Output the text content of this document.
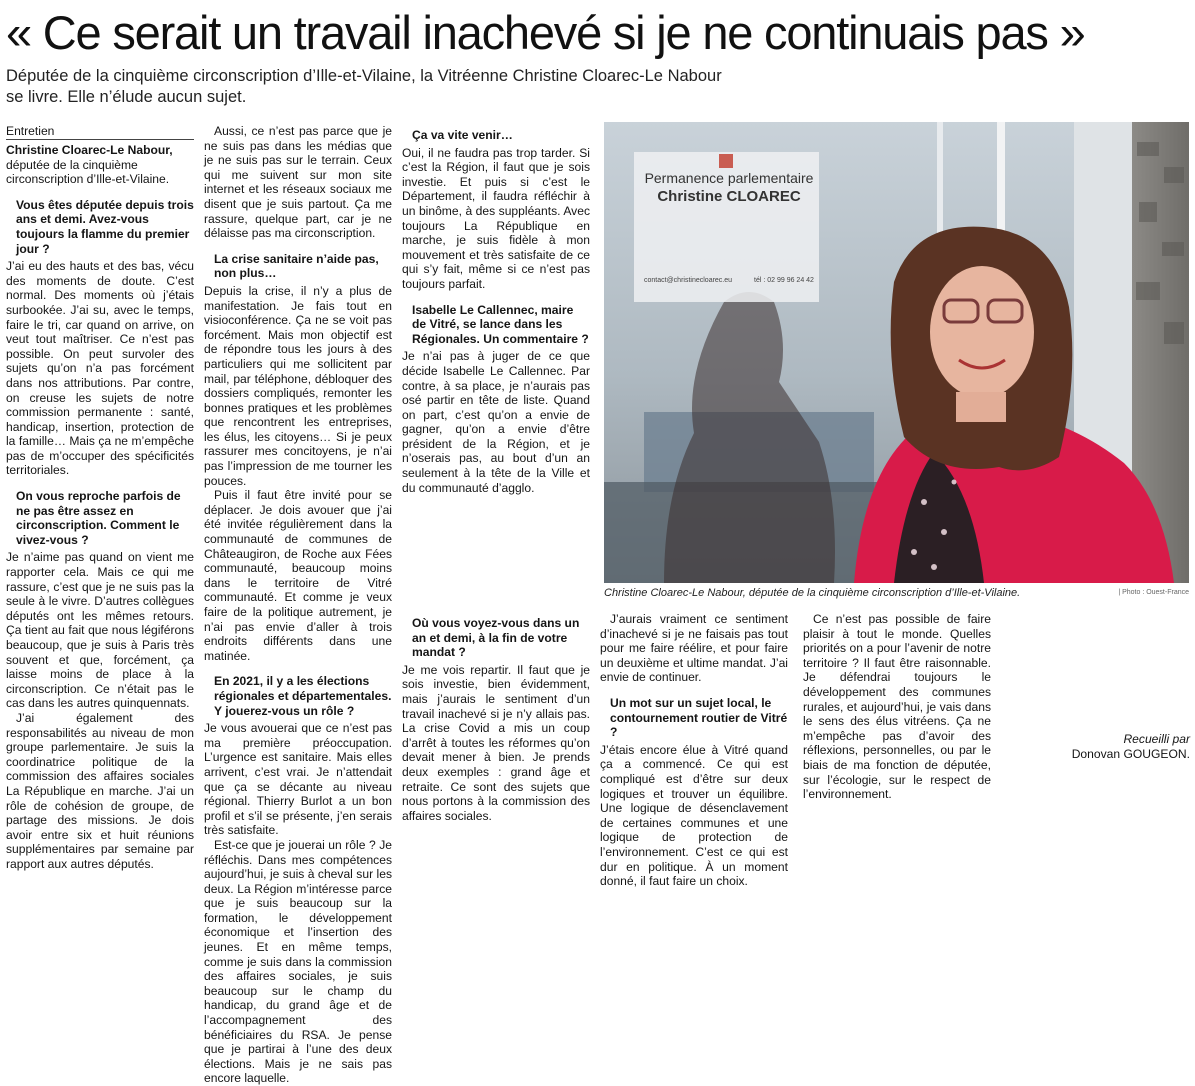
« Ce serait un travail inachevé si je ne continuais pas »
Députée de la cinquième circonscription d’Ille-et-Vilaine, la Vitréenne Christine Cloarec-Le Nabour se livre. Elle n’élude aucun sujet.
Entretien
Christine Cloarec-Le Nabour, députée de la cinquième circonscription d’Ille-et-Vilaine.
Vous êtes députée depuis trois ans et demi. Avez-vous toujours la flamme du premier jour ?

J’ai eu des hauts et des bas, vécu des moments de doute. C’est normal. Des moments où j’étais surbookée. J’ai su, avec le temps, faire le tri, car quand on arrive, on veut tout maîtriser. Ce n’est pas possible. On peut survoler des sujets qu’on n’a pas forcément dans nos attributions. Par contre, on creuse les sujets de notre commission permanente : santé, handicap, insertion, protection de la famille… Mais ça ne m’empêche pas de m’occuper des spécificités territoriales.

On vous reproche parfois de ne pas être assez en circonscription. Comment le vivez-vous ?

Je n’aime pas quand on vient me rapporter cela. Mais ce qui me rassure, c’est que je ne suis pas la seule à le vivre. D’autres collègues députés ont les mêmes retours. Ça tient au fait que nous légiférons beaucoup, que je suis à Paris très souvent et que, forcément, ça laisse moins de place à la circonscription. Ce n’était pas le cas dans les autres quinquennats.

J’ai également des responsabilités au niveau de mon groupe parlementaire. Je suis la coordinatrice politique de la commission des affaires sociales La République en marche. J’ai un rôle de cohésion de groupe, de partage des missions. Je dois avoir entre six et huit réunions supplémentaires par semaine par rapport aux autres députés.

Aussi, ce n’est pas parce que je ne suis pas dans les médias que je ne suis pas sur le terrain. Ceux qui me suivent sur mon site internet et les réseaux sociaux me disent que je suis partout. Ça me rassure, quelque part, car je ne délaisse pas ma circonscription.

La crise sanitaire n’aide pas, non plus…

Depuis la crise, il n’y a plus de manifestation. Je fais tout en visioconférence. Ça ne se voit pas forcément. Mais mon objectif est de répondre tous les jours à des particuliers qui me sollicitent par mail, par téléphone, débloquer des dossiers compliqués, remonter les bonnes pratiques et les problèmes que rencontrent les entreprises, les élus, les citoyens… Si je peux rassurer mes concitoyens, je n’ai pas l’impression de me tourner les pouces.

Puis il faut être invité pour se déplacer. Je dois avouer que j’ai été invitée régulièrement dans la communauté de communes de Châteaugiron, de Roche aux Fées communauté, beaucoup moins dans le territoire de Vitré communauté. Et comme je veux faire de la politique autrement, je n’ai pas envie d’aller à trois endroits différents dans une matinée.

En 2021, il y a les élections régionales et départementales. Y jouerez-vous un rôle ?

Je vous avouerai que ce n’est pas ma première préoccupation. L’urgence est sanitaire. Mais elles arrivent, c’est vrai. Je n’attendait que ça se décante au niveau régional. Thierry Burlot a un bon profil et s’il se présente, j’en serais très satisfaite.

Est-ce que je jouerai un rôle ? Je réfléchis. Dans mes compétences aujourd’hui, je suis à cheval sur les deux. La Région m’intéresse parce que je suis beaucoup sur la formation, le développement économique et l’insertion des jeunes. Et en même temps, comme je suis dans la commission des affaires sociales, je suis beaucoup sur le champ du handicap, du grand âge et de l’accompagnement des bénéficiaires du RSA. Je pense que je partirai à l’une des deux élections. Mais je ne sais pas encore laquelle.

Ça va vite venir…

Oui, il ne faudra pas trop tarder. Si c’est la Région, il faut que je sois investie. Et puis si c’est le Département, il faudra réfléchir à un binôme, à des suppléants. Avec toujours La République en marche, je suis fidèle à mon mouvement et très satisfaite de ce qui s’y fait, même si ce n’est pas toujours parfait.

Isabelle Le Callennec, maire de Vitré, se lance dans les Régionales. Un commentaire ?

Je n’ai pas à juger de ce que décide Isabelle Le Callennec. Par contre, à sa place, je n’aurais pas osé partir en tête de liste. Quand on part, c’est qu’on a envie de gagner, qu’on a envie d’être président de la Région, et je n’oserais pas, au bout d’un an seulement à la tête de la Ville et du communauté d’agglo.

Où vous voyez-vous dans un an et demi, à la fin de votre mandat ?

Je me vois repartir. Il faut que je sois investie, bien évidemment, mais j’aurais le sentiment d’un travail inachevé si je n’y allais pas. La crise Covid a mis un coup d’arrêt à toutes les réformes qu’on devait mener à bien. Je prends deux exemples : grand âge et retraite. Ce sont des sujets que nous portons à la commission des affaires sociales.

J’aurais vraiment ce sentiment d’inachevé si je ne faisais pas tout pour me faire réélire, et pour faire un deuxième et ultime mandat. J’ai envie de continuer.

Un mot sur un sujet local, le contournement routier de Vitré ?

J’étais encore élue à Vitré quand ça a commencé. Ce qui est compliqué est d’être sur deux logiques et trouver un équilibre. Une logique de désenclavement de certaines communes et une logique de protection de l’environnement. C’est ce qui est dur en politique. À un moment donné, il faut faire un choix.

Ce n’est pas possible de faire plaisir à tout le monde. Quelles priorités on a pour l’avenir de notre territoire ? Il faut être raisonnable. Je défendrai toujours le développement des communes rurales, et aujourd’hui, je vais dans le sens des élus vitréens. Ça ne m’empêche pas d’avoir des réflexions, personnelles, ou par le biais de ma fonction de députée, sur l’écologie, sur le respect de l’environnement.

Recueilli par
Donovan GOUGEON.
Permanence parlementaire
Christine CLOAREC
contact@christinecloarec.eu	tél : 02 99 96 24 42
Christine Cloarec-Le Nabour, députée de la cinquième circonscription d’Ille-et-Vilaine.	| Photo : Ouest-France
